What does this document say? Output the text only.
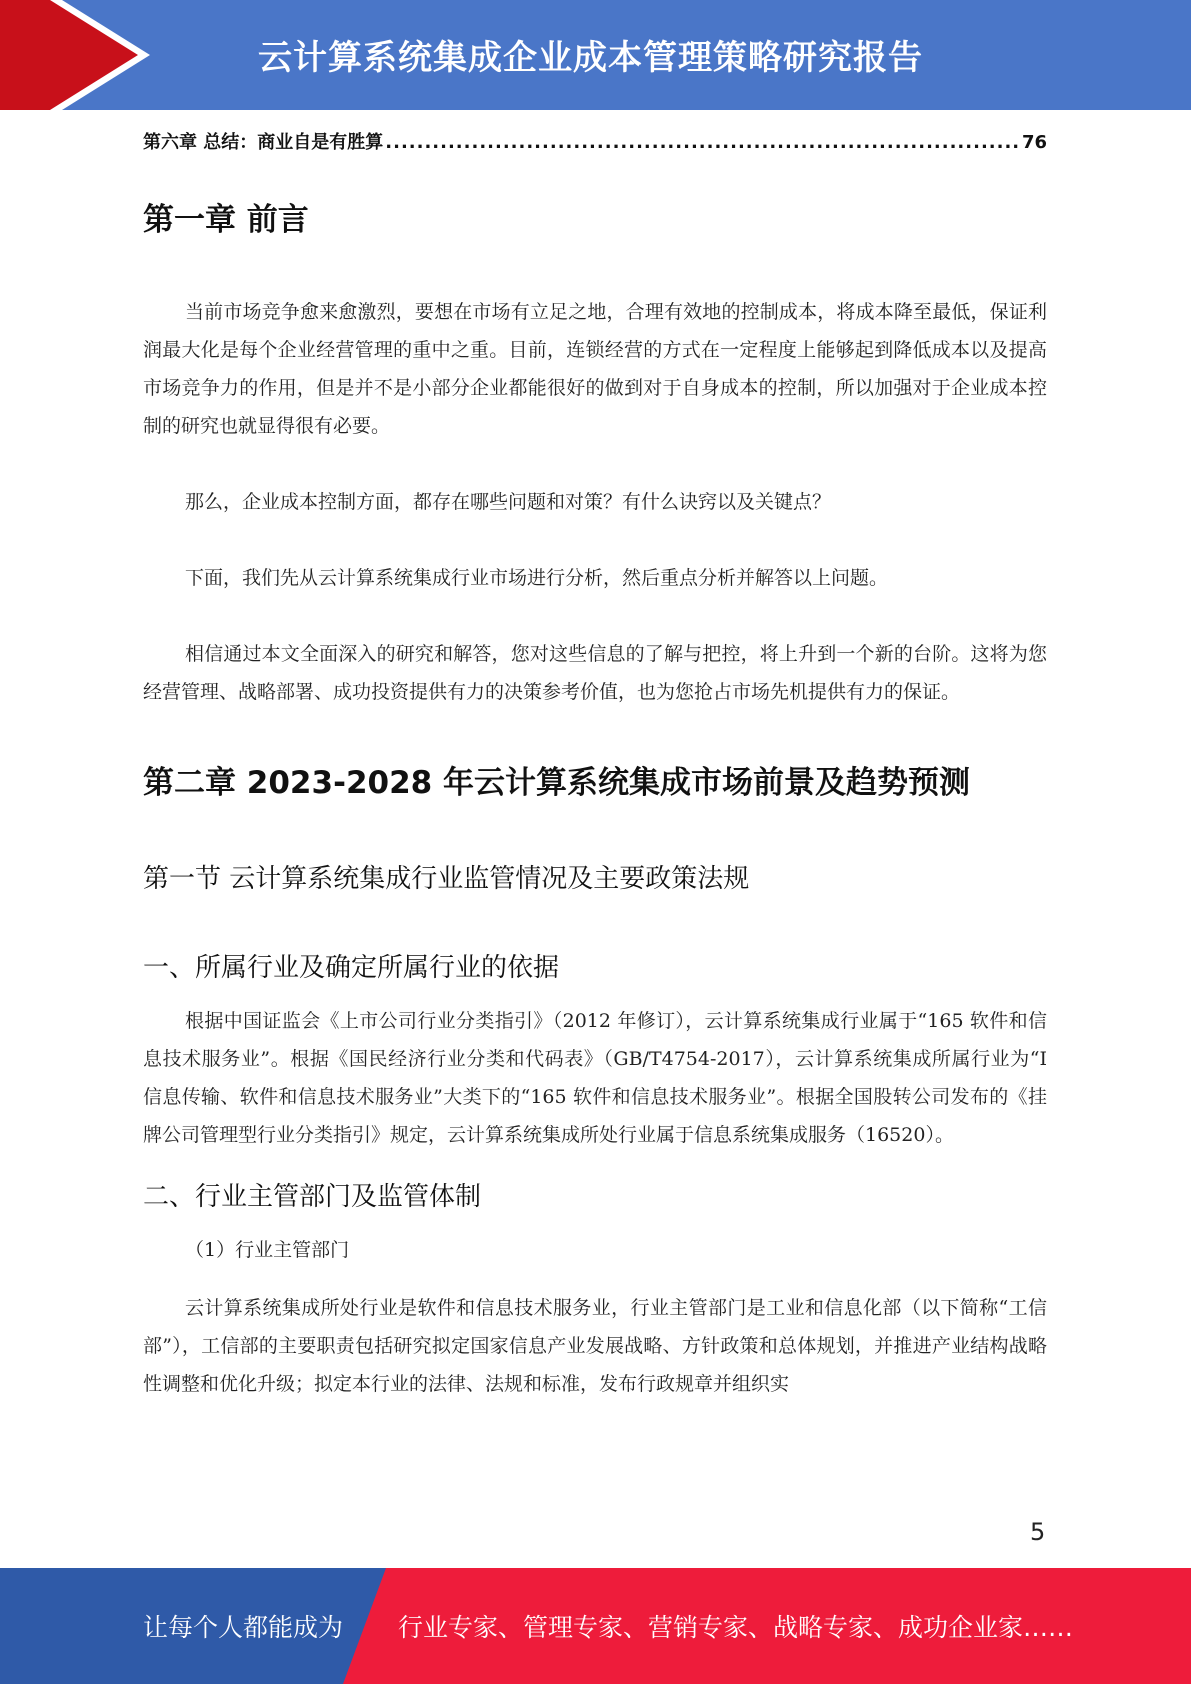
云计算系统集成企业成本管理策略研究报告
第六章 总结：商业自是有胜算
.....	76
第一章 前言

当前市场竞争愈来愈激烈，要想在市场有立足之地，合理有效地的控制成本，将成本降至最低，保证利润最大化是每个企业经营管理的重中之重。目前，连锁经营的方式在一定程度上能够起到降低成本以及提高市场竞争力的作用，但是并不是小部分企业都能很好的做到对于自身成本的控制，所以加强对于企业成本控制的研究也就显得很有必要。

那么，企业成本控制方面，都存在哪些问题和对策？有什么诀窍以及关键点？

下面，我们先从云计算系统集成行业市场进行分析，然后重点分析并解答以上问题。

相信通过本文全面深入的研究和解答，您对这些信息的了解与把控，将上升到一个新的台阶。这将为您经营管理、战略部署、成功投资提供有力的决策参考价值，也为您抢占市场先机提供有力的保证。

第二章 2023-2028 年云计算系统集成市场前景及趋势预测
第一节 云计算系统集成行业监管情况及主要政策法规
一、所属行业及确定所属行业的依据

根据中国证监会《上市公司行业分类指引》（2012 年修订），云计算系统集成行业属于“165 软件和信息技术服务业”。根据《国民经济行业分类和代码表》（GB/T4754-2017），云计算系统集成所属行业为“I 信息传输、软件和信息技术服务业”大类下的“165 软件和信息技术服务业”。根据全国股转公司发布的《挂牌公司管理型行业分类指引》规定，云计算系统集成所处行业属于信息系统集成服务（16520）。

二、行业主管部门及监管体制

（1）行业主管部门

云计算系统集成所处行业是软件和信息技术服务业，行业主管部门是工业和信息化部（以下简称“工信部”），工信部的主要职责包括研究拟定国家信息产业发展战略、方针政策和总体规划，并推进产业结构战略性调整和优化升级；拟定本行业的法律、法规和标准，发布行政规章并组织实

5
让每个人都能成为 行业专家、管理专家、营销专家、战略专家、成功企业家……
